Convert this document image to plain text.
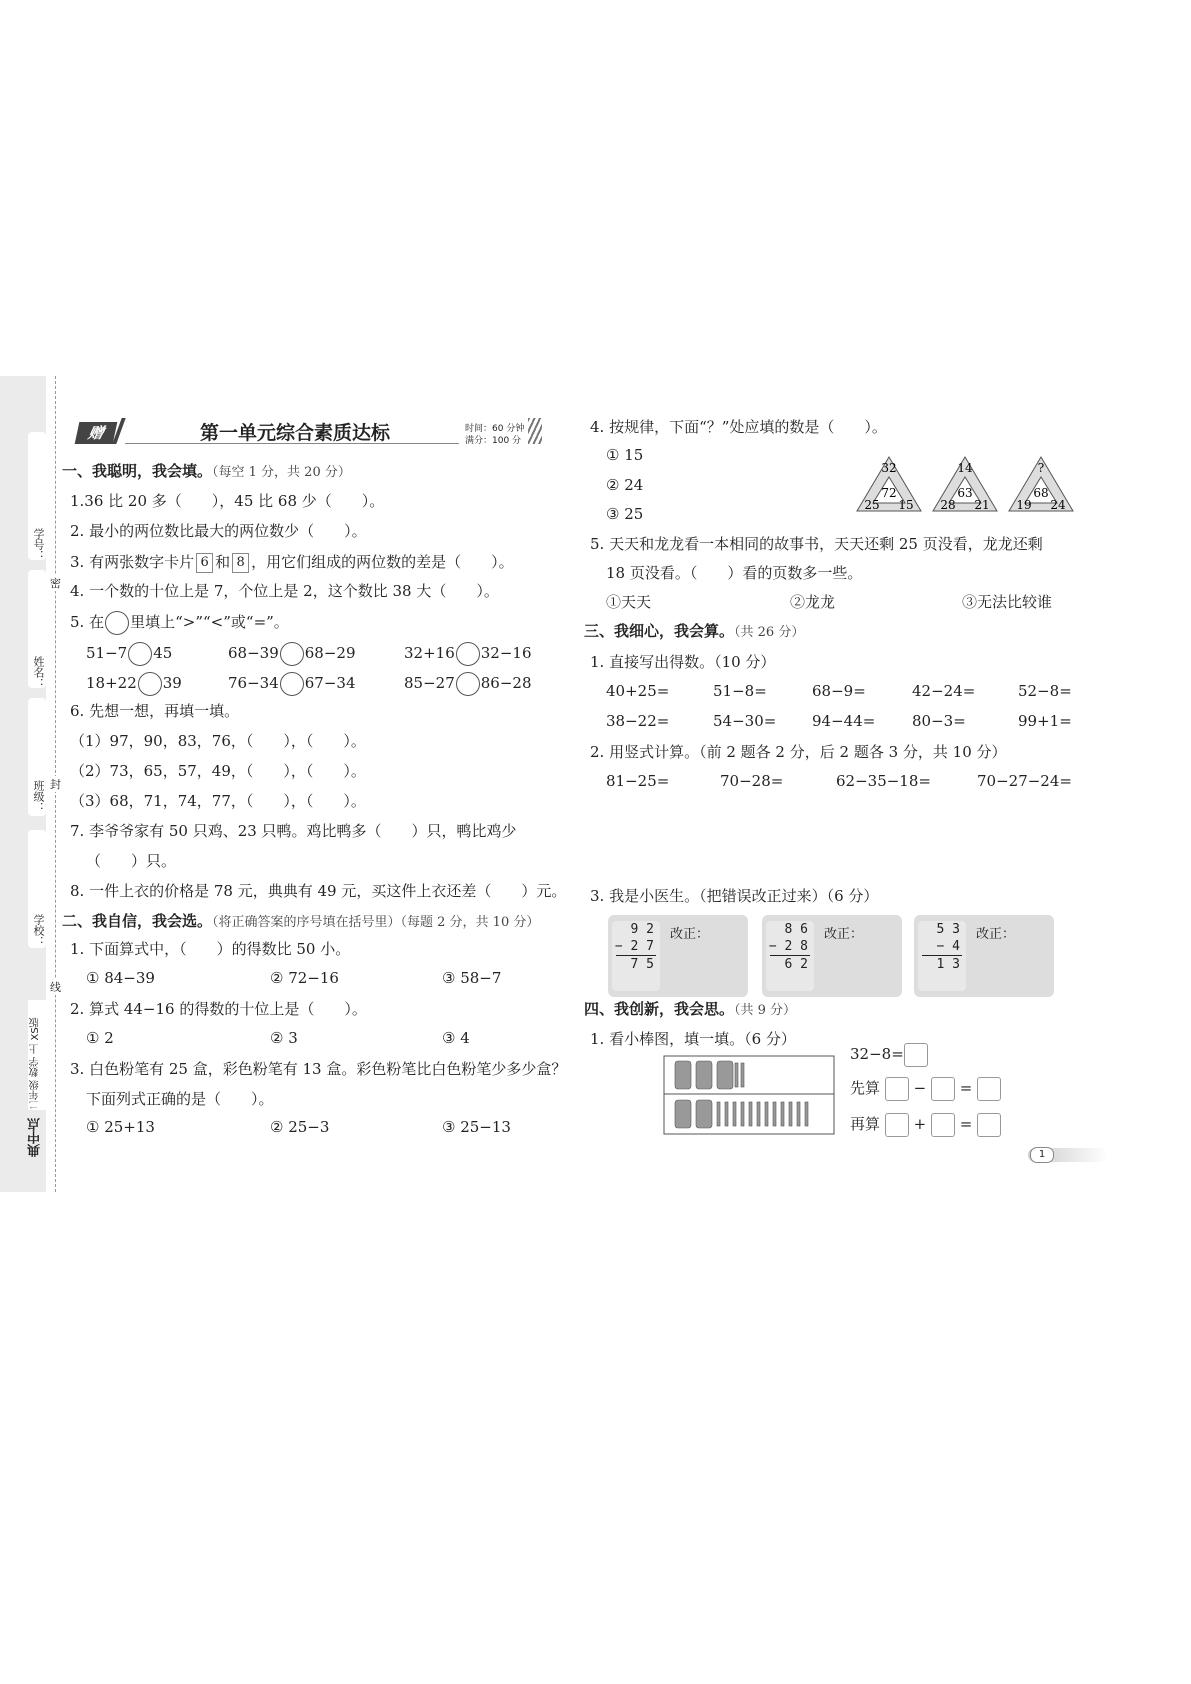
学号：
密
姓名：
封
班级：
学校：
线
二年级 数学 上 XS版
典中点
赠	第一单元综合素质达标	时间：60 分钟
满分：100 分
一、我聪明，我会填。（每空 1 分，共 20 分）
1.36 比 20 多（　　），45 比 68 少（　　）。
2. 最小的两位数比最大的两位数少（　　）。
3. 有两张数字卡片 6 和 8 ，用它们组成的两位数的差是（　　）。
4. 一个数的十位上是 7，个位上是 2，这个数比 38 大（　　）。
5. 在 里填上“>”“<”或“=”。
51−7 45	68−39 68−29	32+16 32−16
18+22 39	76−34 67−34	85−27 86−28
6. 先想一想，再填一填。
（1）97，90，83，76，（　　），（　　）。
（2）73，65，57，49，（　　），（　　）。
（3）68，71，74，77，（　　），（　　）。
7. 李爷爷家有 50 只鸡、23 只鸭。鸡比鸭多（　　）只，鸭比鸡少
（　　）只。
8. 一件上衣的价格是 78 元，典典有 49 元，买这件上衣还差（　　）元。
二、我自信，我会选。（将正确答案的序号填在括号里）（每题 2 分，共 10 分）
1. 下面算式中，（　　）的得数比 50 小。
① 84−39	② 72−16	③ 58−7
2. 算式 44−16 的得数的十位上是（　　）。
① 2	② 3	③ 4
3. 白色粉笔有 25 盒，彩色粉笔有 13 盒。彩色粉笔比白色粉笔少多少盒？
下面列式正确的是（　　）。
① 25+13	② 25−3	③ 25−13
4. 按规律，下面“？”处应填的数是（　　）。
① 15
② 24
③ 25
32
72
25 15
14
63
28 21
?
68
19 24
5. 天天和龙龙看一本相同的故事书，天天还剩 25 页没看，龙龙还剩
18 页没看。（　　）看的页数多一些。
①天天	②龙龙	③无法比较谁
三、我细心，我会算。（共 26 分）
1. 直接写出得数。（10 分）
40+25=	51−8=	68−9=	42−24=	52−8=
38−22=	54−30= 94−44= 80−3=	99+1=
2. 用竖式计算。（前 2 题各 2 分，后 2 题各 3 分，共 10 分）
81−25=	70−28=	62−35−18=	70−27−24=
3. 我是小医生。（把错误改正过来）（6 分）
9 2
− 2 7
7 5
改正：	8 6
− 2 8
6 2
改正：	5 3
− 4
1 3
改正：
四、我创新，我会思。（共 9 分）
1. 看小棒图，填一填。（6 分）
32−8=
先算 − =
再算 + =
1
